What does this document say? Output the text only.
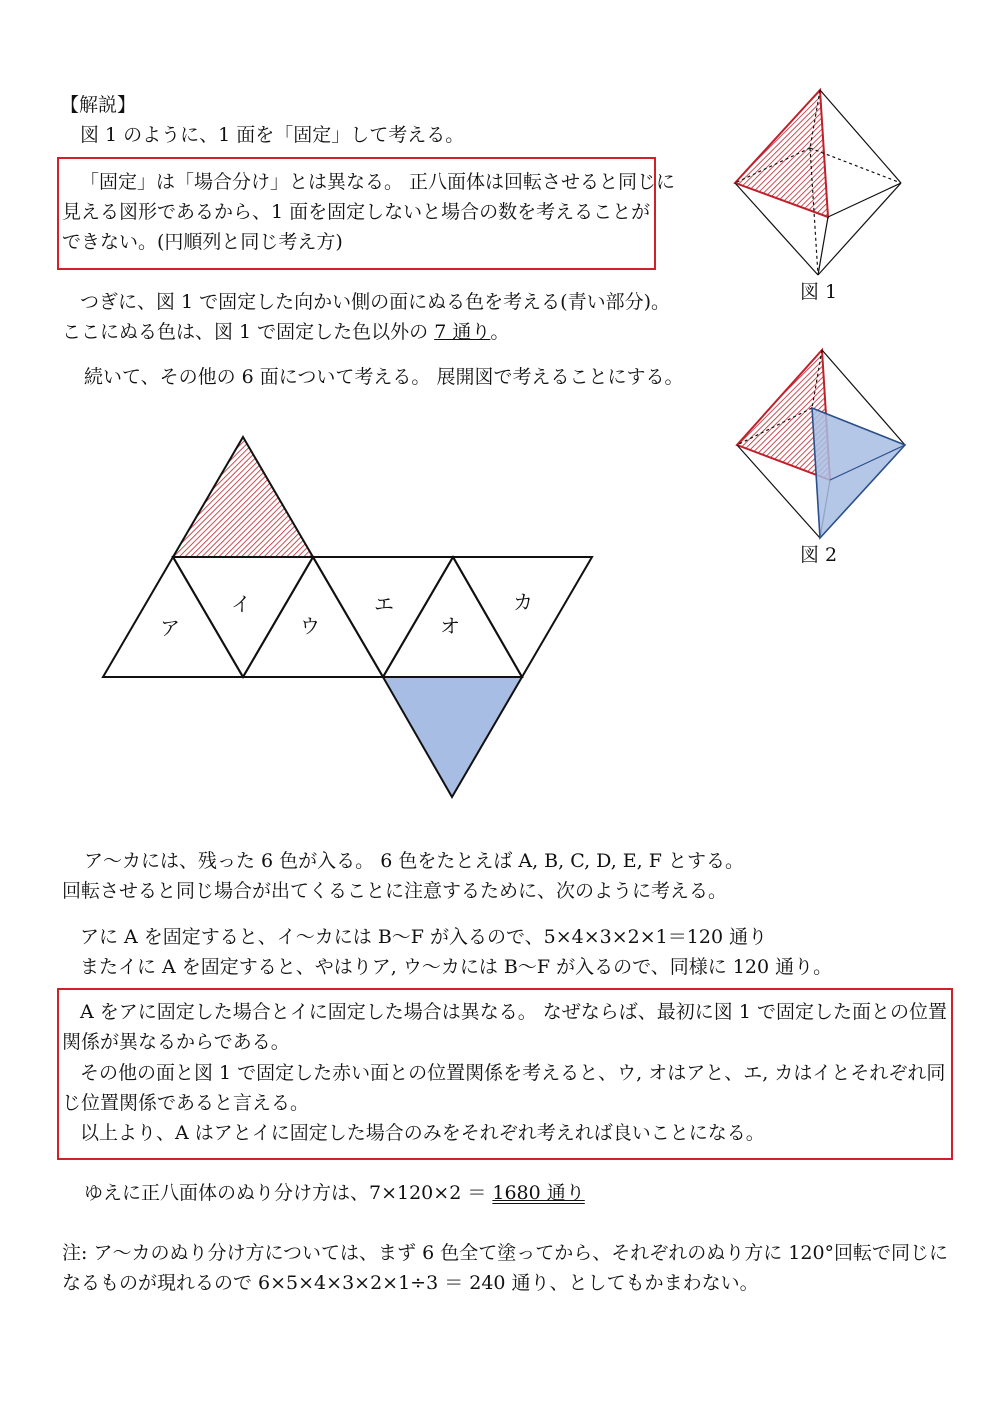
【解説】
図 1 のように、1 面を「固定」して考える。
「固定」は「場合分け」とは異なる。 正八面体は回転させると同じに
見える図形であるから、1 面を固定しないと場合の数を考えることが
できない。(円順列と同じ考え方)
つぎに、図 1 で固定した向かい側の面にぬる色を考える(青い部分)。
ここにぬる色は、図 1 で固定した色以外の 7 通り。
続いて、その他の 6 面について考える。 展開図で考えることにする。
図 1
図 2
ア
イ
ウ
エ
オ
カ
ア～カには、残った 6 色が入る。 6 色をたとえば A, B, C, D, E, F とする。
回転させると同じ場合が出てくることに注意するために、次のように考える。
アに A を固定すると、イ～カには B～F が入るので、5×4×3×2×1＝120 通り
またイに A を固定すると、やはりア, ウ～カには B～F が入るので、同様に 120 通り。
A をアに固定した場合とイに固定した場合は異なる。 なぜならば、最初に図 1 で固定した面との位置
関係が異なるからである。
その他の面と図 1 で固定した赤い面との位置関係を考えると、ウ, オはアと、エ, カはイとそれぞれ同
じ位置関係であると言える。
以上より、A はアとイに固定した場合のみをそれぞれ考えれば良いことになる。
ゆえに正八面体のぬり分け方は、7×120×2 ＝ 1680 通り
注: ア～カのぬり分け方については、まず 6 色全て塗ってから、それぞれのぬり方に 120°回転で同じに
なるものが現れるので 6×5×4×3×2×1÷3 ＝ 240 通り、としてもかまわない。
